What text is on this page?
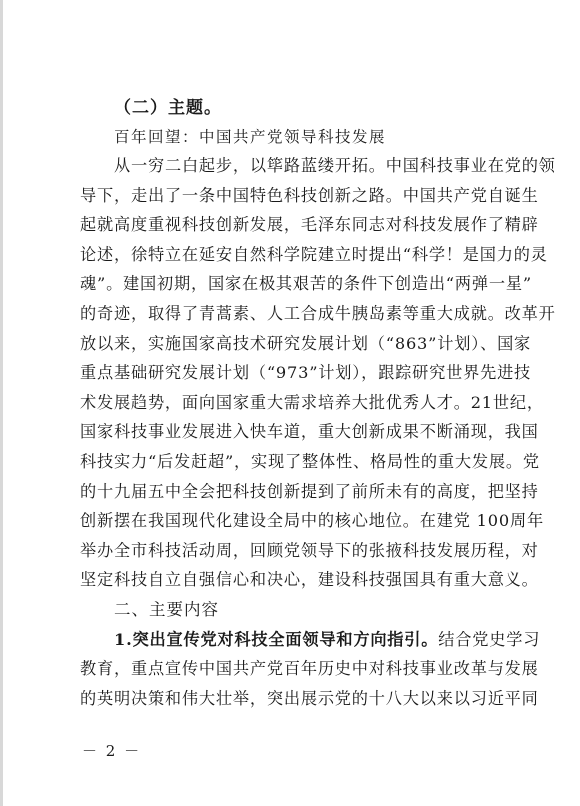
（二）主题。
百年回望：中国共产党领导科技发展
从一穷二白起步，以筚路蓝缕开拓。中国科技事业在党的领
导下，走出了一条中国特色科技创新之路。中国共产党自诞生
起就高度重视科技创新发展，毛泽东同志对科技发展作了精辟
论述，徐特立在延安自然科学院建立时提出“科学！是国力的灵
魂”。建国初期，国家在极其艰苦的条件下创造出“两弹一星”
的奇迹，取得了青蒿素、人工合成牛胰岛素等重大成就。改革开
放以来，实施国家高技术研究发展计划（“863”计划）、国家
重点基础研究发展计划（“973”计划），跟踪研究世界先进技
术发展趋势，面向国家重大需求培养大批优秀人才。21世纪，
国家科技事业发展进入快车道，重大创新成果不断涌现，我国
科技实力“后发赶超”，实现了整体性、格局性的重大发展。党
的十九届五中全会把科技创新提到了前所未有的高度，把坚持
创新摆在我国现代化建设全局中的核心地位。在建党 100周年
举办全市科技活动周，回顾党领导下的张掖科技发展历程，对
坚定科技自立自强信心和决心，建设科技强国具有重大意义。
二、主要内容
1.突出宣传党对科技全面领导和方向指引。结合党史学习
教育，重点宣传中国共产党百年历史中对科技事业改革与发展
的英明决策和伟大壮举，突出展示党的十八大以来以习近平同
－ 2 －
